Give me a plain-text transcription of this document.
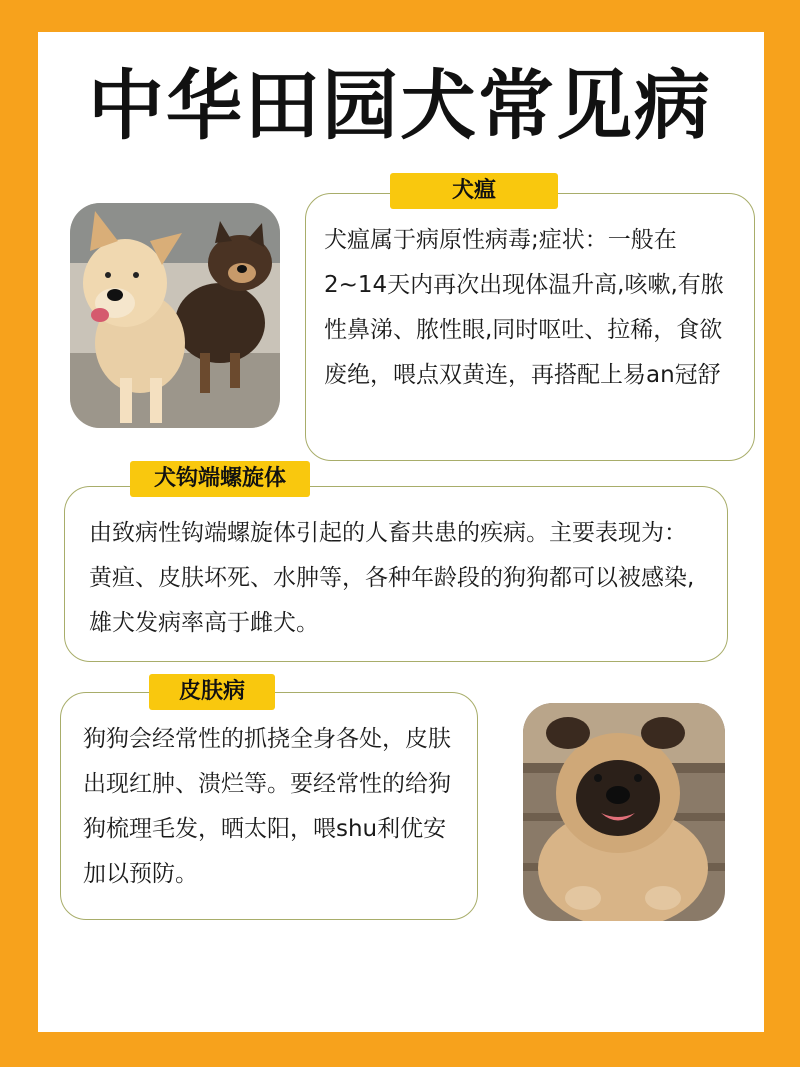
中华田园犬常见病

犬瘟属于病原性病毒;症状：一般在2~14天内再次出现体温升高,咳嗽,有脓性鼻涕、脓性眼,同时呕吐、拉稀，食欲废绝，喂点双黄连，再搭配上易an冠舒

犬瘟

由致病性钩端螺旋体引起的人畜共患的疾病。主要表现为：黄疸、皮肤坏死、水肿等，各种年龄段的狗狗都可以被感染,雄犬发病率高于雌犬。

犬钩端螺旋体

狗狗会经常性的抓挠全身各处，皮肤出现红肿、溃烂等。要经常性的给狗狗梳理毛发，晒太阳，喂shu利优安加以预防。

皮肤病
